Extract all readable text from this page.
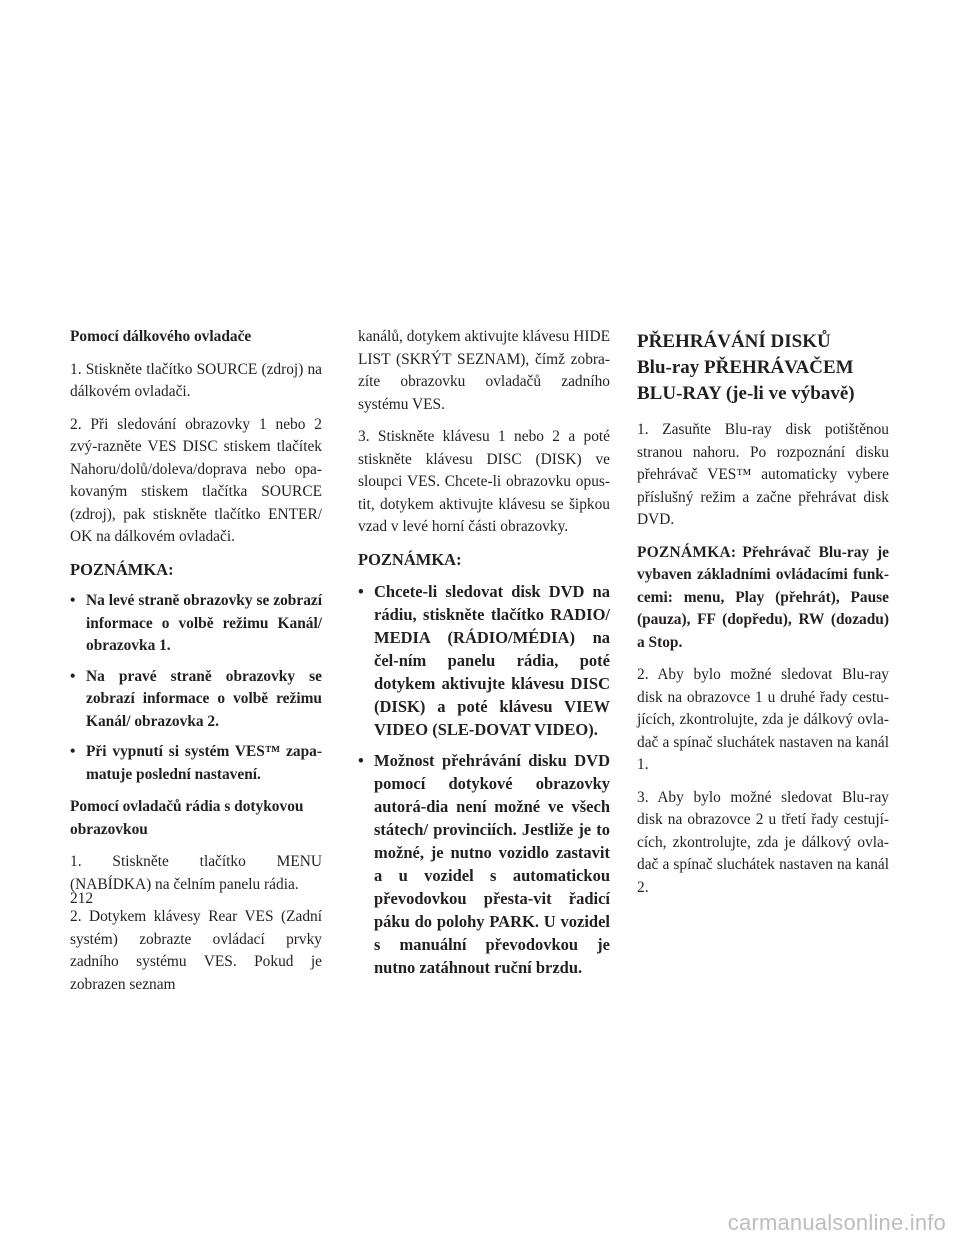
Pomocí dálkového ovladače

1. Stiskněte tlačítko SOURCE (zdroj) na dálkovém ovladači.

2. Při sledování obrazovky 1 nebo 2 zvý-razněte VES DISC stiskem tlačítek Nahoru/dolů/doleva/doprava nebo opa-kovaným stiskem tlačítka SOURCE (zdroj), pak stiskněte tlačítko ENTER/ OK na dálkovém ovladači.

POZNÁMKA:

• Na levé straně obrazovky se zobrazí informace o volbě režimu Kanál/ obrazovka 1.
• Na pravé straně obrazovky se zobrazí informace o volbě režimu Kanál/ obrazovka 2.
• Při vypnutí si systém VES™ zapa-matuje poslední nastavení.

Pomocí ovladačů rádia s dotykovou obrazovkou

1. Stiskněte tlačítko MENU (NABÍDKA) na čelním panelu rádia.

2. Dotykem klávesy Rear VES (Zadní systém) zobrazte ovládací prvky zadního systému VES. Pokud je zobrazen seznam

kanálů, dotykem aktivujte klávesu HIDE LIST (SKRÝT SEZNAM), čímž zobra-zíte obrazovku ovladačů zadního systému VES.

3. Stiskněte klávesu 1 nebo 2 a poté stiskněte klávesu DISC (DISK) ve sloupci VES. Chcete-li obrazovku opus-tit, dotykem aktivujte klávesu se šipkou vzad v levé horní části obrazovky.

POZNÁMKA:

• Chcete-li sledovat disk DVD na rádiu, stiskněte tlačítko RADIO/ MEDIA (RÁDIO/MÉDIA) na čel-ním panelu rádia, poté dotykem aktivujte klávesu DISC (DISK) a poté klávesu VIEW VIDEO (SLE-DOVAT VIDEO).
• Možnost přehrávání disku DVD pomocí dotykové obrazovky autorá-dia není možné ve všech státech/ provinciích. Jestliže je to možné, je nutno vozidlo zastavit a u vozidel s automatickou převodovkou přesta-vit řadicí páku do polohy PARK. U vozidel s manuální převodovkou je nutno zatáhnout ruční brzdu.
PŘEHRÁVÁNÍ DISKŮ
Blu-ray PŘEHRÁVAČEM
BLU-RAY (je-li ve výbavě)

1. Zasuňte Blu-ray disk potištěnou stranou nahoru. Po rozpoznání disku přehrávač VES™ automaticky vybere příslušný režim a začne přehrávat disk DVD.

POZNÁMKA: Přehrávač Blu-ray je vybaven základními ovládacími funk-cemi: menu, Play (přehrát), Pause (pauza), FF (dopředu), RW (dozadu) a Stop.

2. Aby bylo možné sledovat Blu-ray disk na obrazovce 1 u druhé řady cestu-jících, zkontrolujte, zda je dálkový ovla-dač a spínač sluchátek nastaven na kanál 1.

3. Aby bylo možné sledovat Blu-ray disk na obrazovce 2 u třetí řady cestují-cích, zkontrolujte, zda je dálkový ovla-dač a spínač sluchátek nastaven na kanál 2.

212
carmanualsonline.info
